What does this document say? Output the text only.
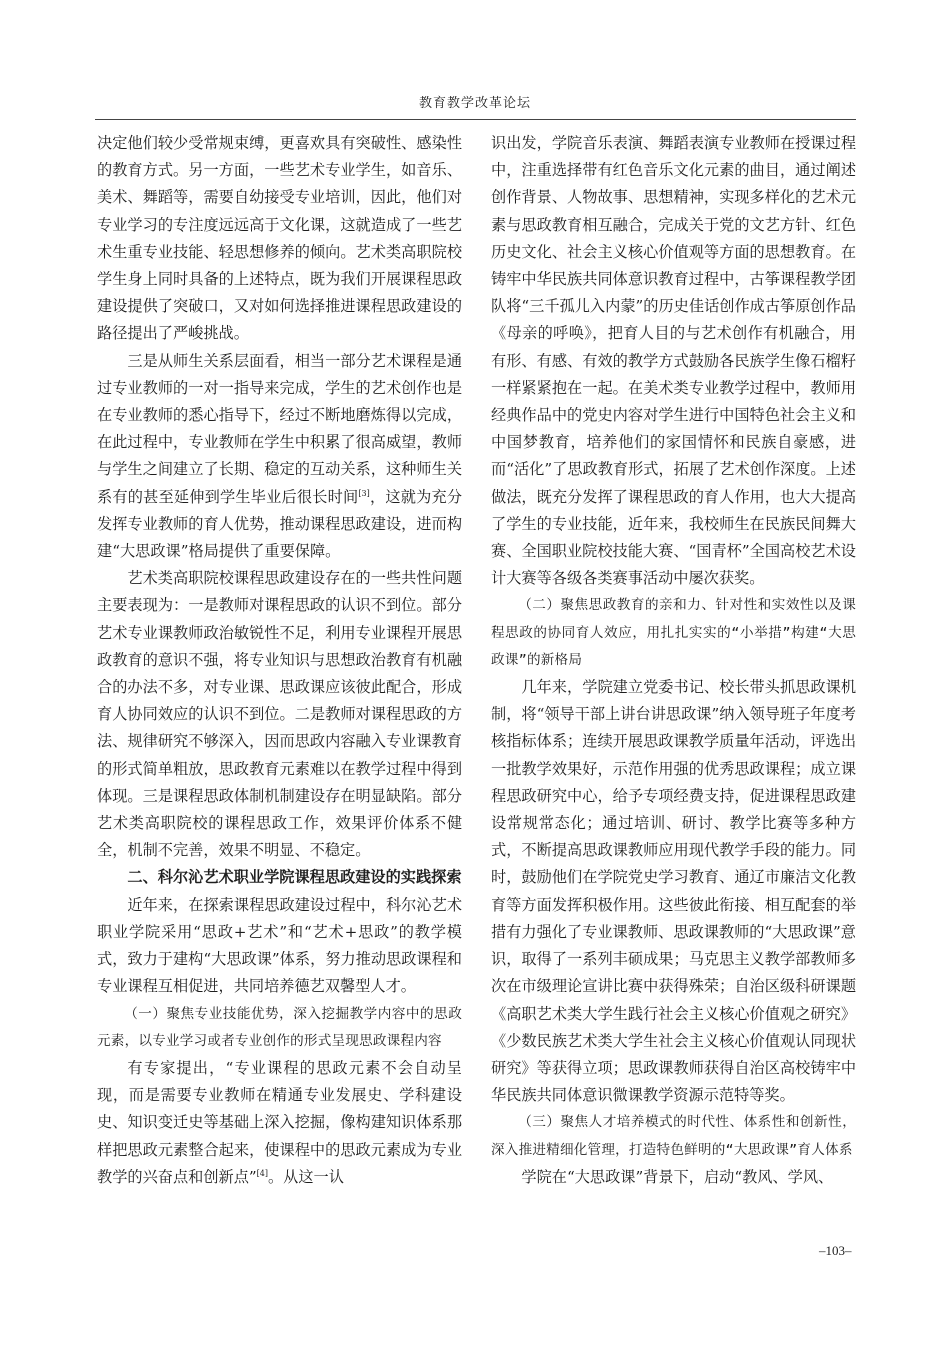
教育教学改革论坛

决定他们较少受常规束缚，更喜欢具有突破性、感染性的教育方式。另一方面，一些艺术专业学生，如音乐、美术、舞蹈等，需要自幼接受专业培训，因此，他们对专业学习的专注度远远高于文化课，这就造成了一些艺术生重专业技能、轻思想修养的倾向。艺术类高职院校学生身上同时具备的上述特点，既为我们开展课程思政建设提供了突破口，又对如何选择推进课程思政建设的路径提出了严峻挑战。

三是从师生关系层面看，相当一部分艺术课程是通过专业教师的一对一指导来完成，学生的艺术创作也是在专业教师的悉心指导下，经过不断地磨炼得以完成，在此过程中，专业教师在学生中积累了很高威望，教师与学生之间建立了长期、稳定的互动关系，这种师生关系有的甚至延伸到学生毕业后很长时间[3]，这就为充分发挥专业教师的育人优势，推动课程思政建设，进而构建“大思政课”格局提供了重要保障。

艺术类高职院校课程思政建设存在的一些共性问题主要表现为：一是教师对课程思政的认识不到位。部分艺术专业课教师政治敏锐性不足，利用专业课程开展思政教育的意识不强，将专业知识与思想政治教育有机融合的办法不多，对专业课、思政课应该彼此配合，形成育人协同效应的认识不到位。二是教师对课程思政的方法、规律研究不够深入，因而思政内容融入专业课教育的形式简单粗放，思政教育元素难以在教学过程中得到体现。三是课程思政体制机制建设存在明显缺陷。部分艺术类高职院校的课程思政工作，效果评价体系不健全，机制不完善，效果不明显、不稳定。

二、科尔沁艺术职业学院课程思政建设的实践探索

近年来，在探索课程思政建设过程中，科尔沁艺术职业学院采用“思政+艺术”和“艺术+思政”的教学模式，致力于建构“大思政课”体系，努力推动思政课程和专业课程互相促进，共同培养德艺双馨型人才。

（一）聚焦专业技能优势，深入挖掘教学内容中的思政元素，以专业学习或者专业创作的形式呈现思政课程内容

有专家提出，“专业课程的思政元素不会自动呈现，而是需要专业教师在精通专业发展史、学科建设史、知识变迁史等基础上深入挖掘，像构建知识体系那样把思政元素整合起来，使课程中的思政元素成为专业教学的兴奋点和创新点”[4]。从这一认

识出发，学院音乐表演、舞蹈表演专业教师在授课过程中，注重选择带有红色音乐文化元素的曲目，通过阐述创作背景、人物故事、思想精神，实现多样化的艺术元素与思政教育相互融合，完成关于党的文艺方针、红色历史文化、社会主义核心价值观等方面的思想教育。在铸牢中华民族共同体意识教育过程中，古筝课程教学团队将“三千孤儿入内蒙”的历史佳话创作成古筝原创作品《母亲的呼唤》，把育人目的与艺术创作有机融合，用有形、有感、有效的教学方式鼓励各民族学生像石榴籽一样紧紧抱在一起。在美术类专业教学过程中，教师用经典作品中的党史内容对学生进行中国特色社会主义和中国梦教育，培养他们的家国情怀和民族自豪感，进而“活化”了思政教育形式，拓展了艺术创作深度。上述做法，既充分发挥了课程思政的育人作用，也大大提高了学生的专业技能，近年来，我校师生在民族民间舞大赛、全国职业院校技能大赛、“国青杯”全国高校艺术设计大赛等各级各类赛事活动中屡次获奖。

（二）聚焦思政教育的亲和力、针对性和实效性以及课程思政的协同育人效应，用扎扎实实的“小举措”构建“大思政课”的新格局

几年来，学院建立党委书记、校长带头抓思政课机制，将“领导干部上讲台讲思政课”纳入领导班子年度考核指标体系；连续开展思政课教学质量年活动，评选出一批教学效果好，示范作用强的优秀思政课程；成立课程思政研究中心，给予专项经费支持，促进课程思政建设常规常态化；通过培训、研讨、教学比赛等多种方式，不断提高思政课教师应用现代教学手段的能力。同时，鼓励他们在学院党史学习教育、通辽市廉洁文化教育等方面发挥积极作用。这些彼此衔接、相互配套的举措有力强化了专业课教师、思政课教师的“大思政课”意识，取得了一系列丰硕成果；马克思主义教学部教师多次在市级理论宣讲比赛中获得殊荣；自治区级科研课题《高职艺术类大学生践行社会主义核心价值观之研究》《少数民族艺术类大学生社会主义核心价值观认同现状研究》等获得立项；思政课教师获得自治区高校铸牢中华民族共同体意识微课教学资源示范特等奖。

（三）聚焦人才培养模式的时代性、体系性和创新性，深入推进精细化管理，打造特色鲜明的“大思政课”育人体系

学院在“大思政课”背景下，启动“教风、学风、

–103–
